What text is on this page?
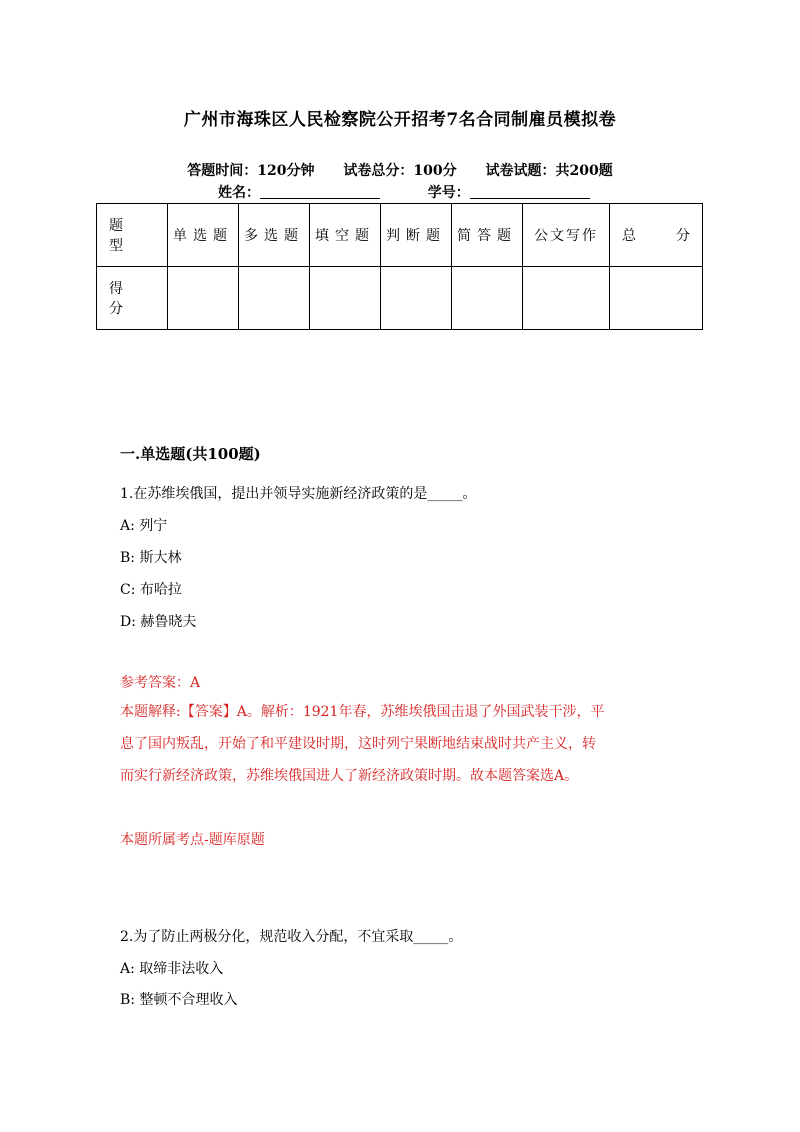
广州市海珠区人民检察院公开招考7名合同制雇员模拟卷
答题时间：120分钟 试卷总分：100分 试卷试题：共200题
姓名：	学号：
题　　型	单选题	多选题	填空题	判断题	简答题	公文写作	总　　分
得　　分							
一.单选题(共100题)
1.在苏维埃俄国，提出并领导实施新经济政策的是_____。
A: 列宁
B: 斯大林
C: 布哈拉
D: 赫鲁晓夫
参考答案：A
本题解释:【答案】A。解析：1921年春，苏维埃俄国击退了外国武装干涉，平
息了国内叛乱，开始了和平建设时期，这时列宁果断地结束战时共产主义，转
而实行新经济政策，苏维埃俄国进人了新经济政策时期。故本题答案选A。
本题所属考点-题库原题
2.为了防止两极分化，规范收入分配，不宜采取_____。
A: 取缔非法收入
B: 整顿不合理收入
